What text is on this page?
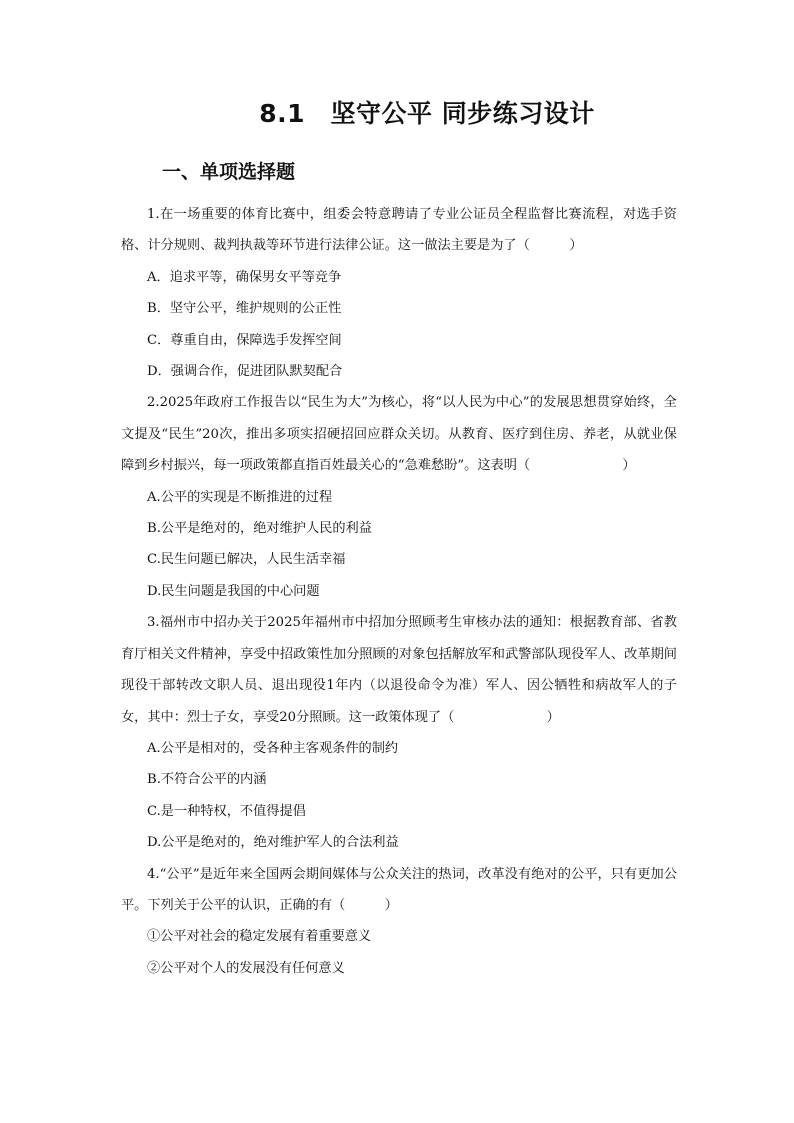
8.1　坚守公平 同步练习设计
一、单项选择题

1.在一场重要的体育比赛中，组委会特意聘请了专业公证员全程监督比赛流程，对选手资格、计分规则、裁判执裁等环节进行法律公证。这一做法主要是为了（　　　）

A．追求平等，确保男女平等竞争

B．坚守公平，维护规则的公正性

C．尊重自由，保障选手发挥空间

D．强调合作，促进团队默契配合

2.2025年政府工作报告以“民生为大”为核心，将“以人民为中心”的发展思想贯穿始终，全文提及“民生”20次，推出多项实招硬招回应群众关切。从教育、医疗到住房、养老，从就业保障到乡村振兴，每一项政策都直指百姓最关心的“急难愁盼”。这表明（　　　　　　　）

A.公平的实现是不断推进的过程

B.公平是绝对的，绝对维护人民的利益

C.民生问题已解决，人民生活幸福

D.民生问题是我国的中心问题

3.福州市中招办关于2025年福州市中招加分照顾考生审核办法的通知：根据教育部、省教育厅相关文件精神，享受中招政策性加分照顾的对象包括解放军和武警部队现役军人、改革期间现役干部转改文职人员、退出现役1年内（以退役命令为准）军人、因公牺牲和病故军人的子女，其中：烈士子女，享受20分照顾。这一政策体现了（　　　　　　　）

A.公平是相对的，受各种主客观条件的制约

B.不符合公平的内涵

C.是一种特权，不值得提倡

D.公平是绝对的，绝对维护军人的合法利益

4.“公平”是近年来全国两会期间媒体与公众关注的热词，改革没有绝对的公平，只有更加公平。下列关于公平的认识，正确的有（　　　）

①公平对社会的稳定发展有着重要意义

②公平对个人的发展没有任何意义
